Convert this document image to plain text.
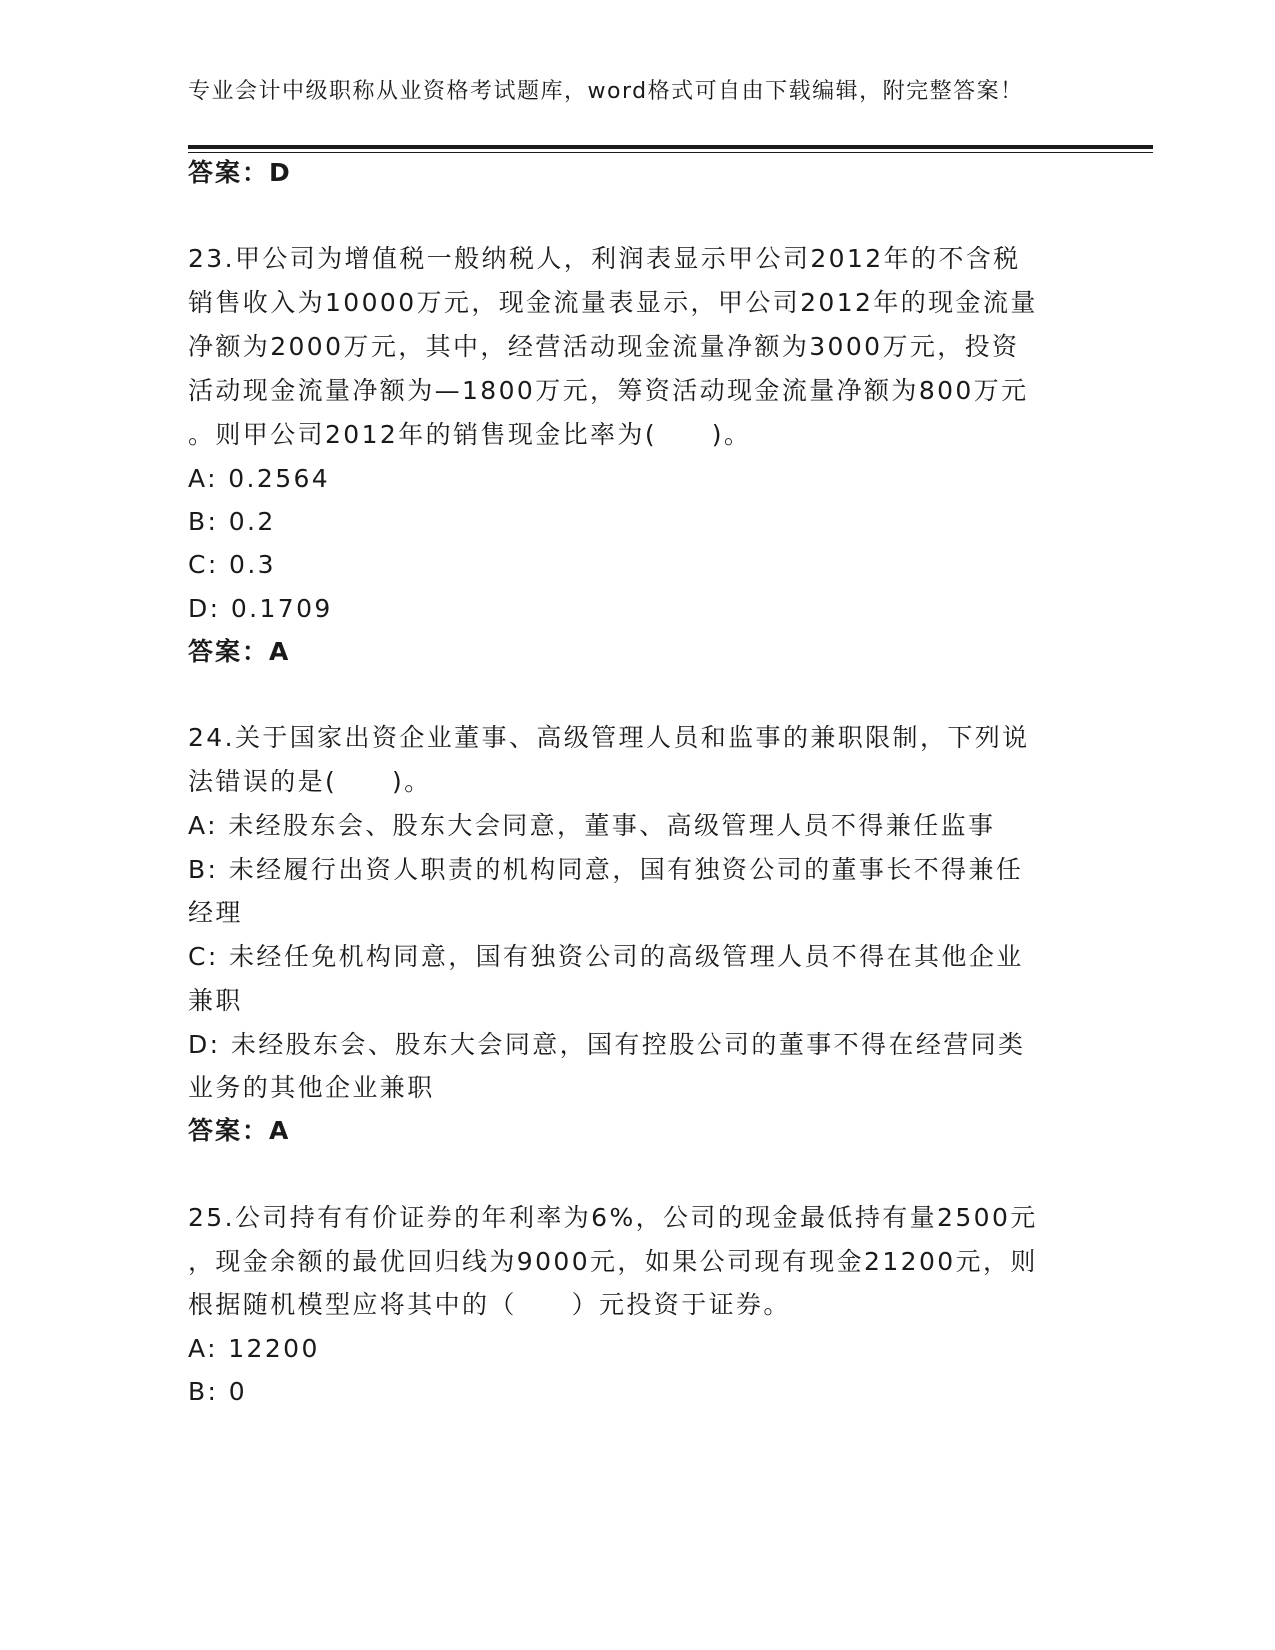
专业会计中级职称从业资格考试题库，word格式可自由下载编辑，附完整答案！
答案：D
23.甲公司为增值税一般纳税人，利润表显示甲公司2012年的不含税
销售收入为10000万元，现金流量表显示，甲公司2012年的现金流量
净额为2000万元，其中，经营活动现金流量净额为3000万元，投资
活动现金流量净额为—1800万元，筹资活动现金流量净额为800万元
。则甲公司2012年的销售现金比率为(　　)。
A: 0.2564
B: 0.2
C: 0.3
D: 0.1709
答案：A
24.关于国家出资企业董事、高级管理人员和监事的兼职限制，下列说
法错误的是(　　)。
A: 未经股东会、股东大会同意，董事、高级管理人员不得兼任监事
B: 未经履行出资人职责的机构同意，国有独资公司的董事长不得兼任
经理
C: 未经任免机构同意，国有独资公司的高级管理人员不得在其他企业
兼职
D: 未经股东会、股东大会同意，国有控股公司的董事不得在经营同类
业务的其他企业兼职
答案：A
25.公司持有有价证券的年利率为6%，公司的现金最低持有量2500元
，现金余额的最优回归线为9000元，如果公司现有现金21200元，则
根据随机模型应将其中的（　　）元投资于证券。
A: 12200
B: 0
